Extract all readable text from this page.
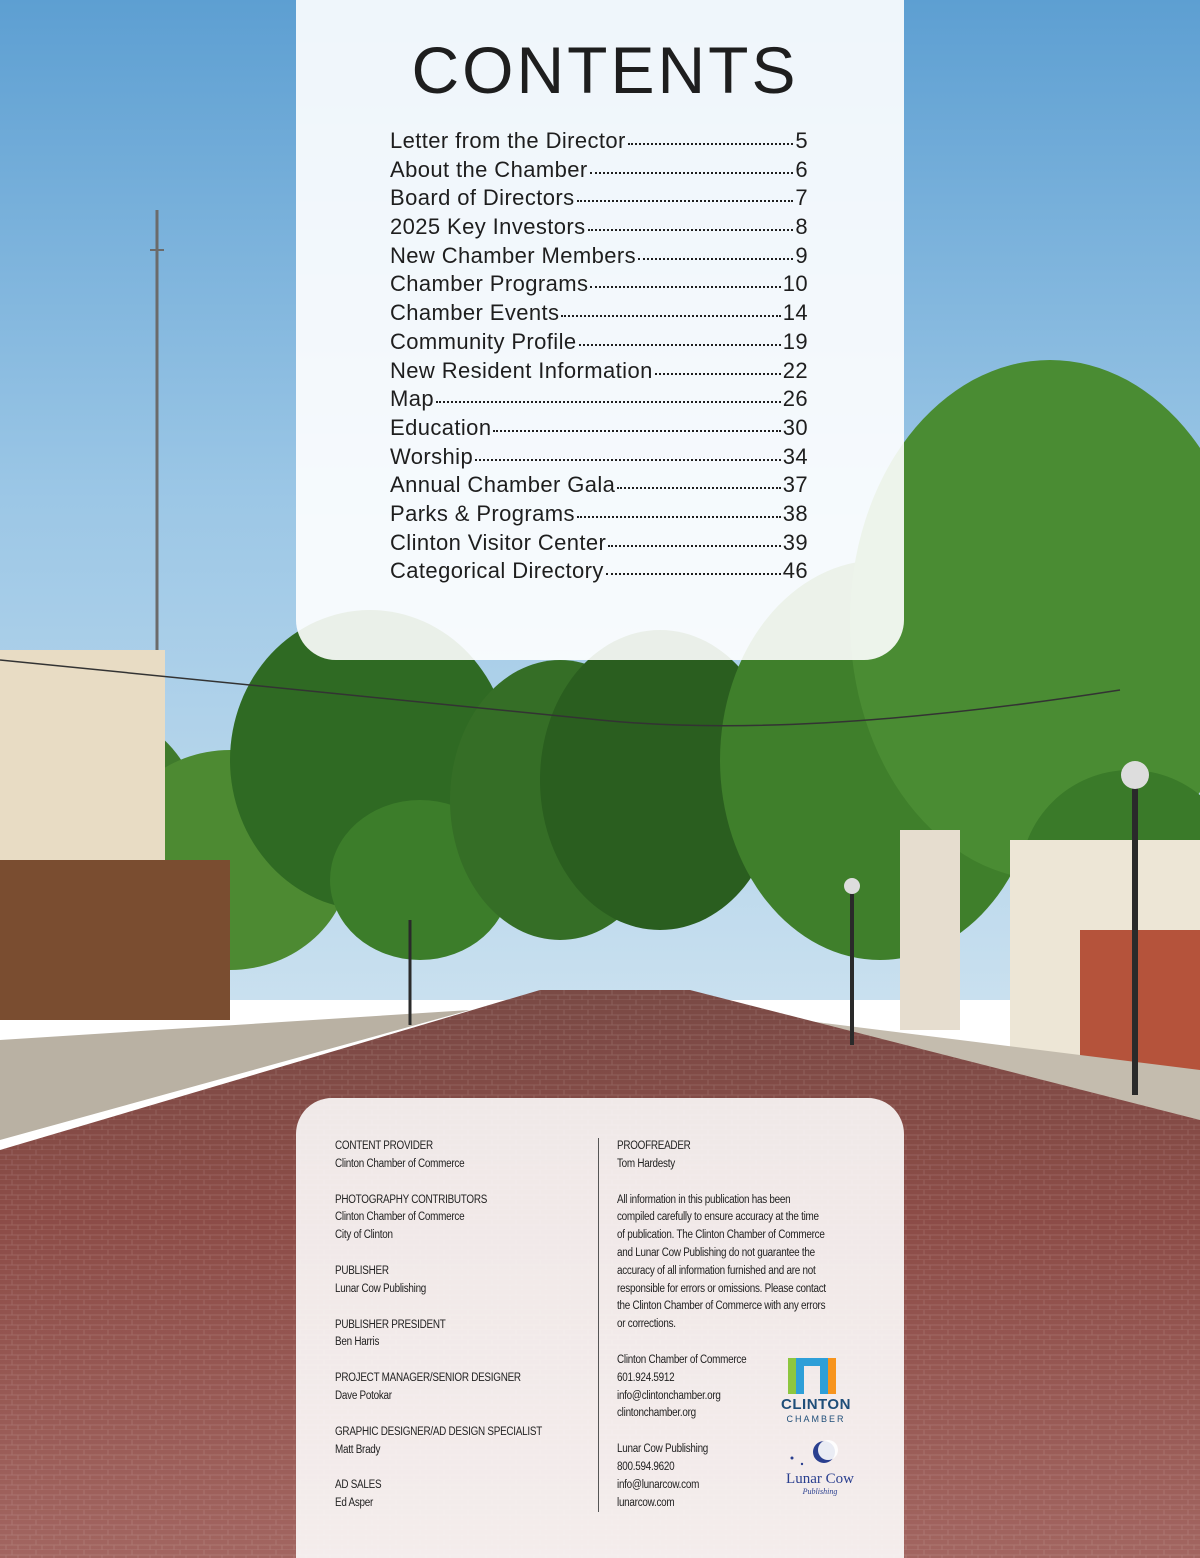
CONTENTS
Letter from the Director	5
About the Chamber	6
Board of Directors	7
2025 Key Investors	8
New Chamber Members	9
Chamber Programs	10
Chamber Events	14
Community Profile	19
New Resident Information	22
Map	26
Education	30
Worship	34
Annual Chamber Gala	37
Parks & Programs	38
Clinton Visitor Center	39
Categorical Directory	46
CONTENT PROVIDER
Clinton Chamber of Commerce
PHOTOGRAPHY CONTRIBUTORS
Clinton Chamber of Commerce
City of Clinton
PUBLISHER
Lunar Cow Publishing
PUBLISHER PRESIDENT
Ben Harris
PROJECT MANAGER/SENIOR DESIGNER
Dave Potokar
GRAPHIC DESIGNER/AD DESIGN SPECIALIST
Matt Brady
AD SALES
Ed Asper
PROOFREADER
Tom Hardesty
All information in this publication has been
compiled carefully to ensure accuracy at the time
of publication. The Clinton Chamber of Commerce
and Lunar Cow Publishing do not guarantee the
accuracy of all information furnished and are not
responsible for errors or omissions. Please contact
the Clinton Chamber of Commerce with any errors
or corrections.
Clinton Chamber of Commerce
601.924.5912
info@clintonchamber.org
clintonchamber.org
Lunar Cow Publishing
800.594.9620
info@lunarcow.com
lunarcow.com
CLINTON
CHAMBER
Lunar Cow
Publishing
